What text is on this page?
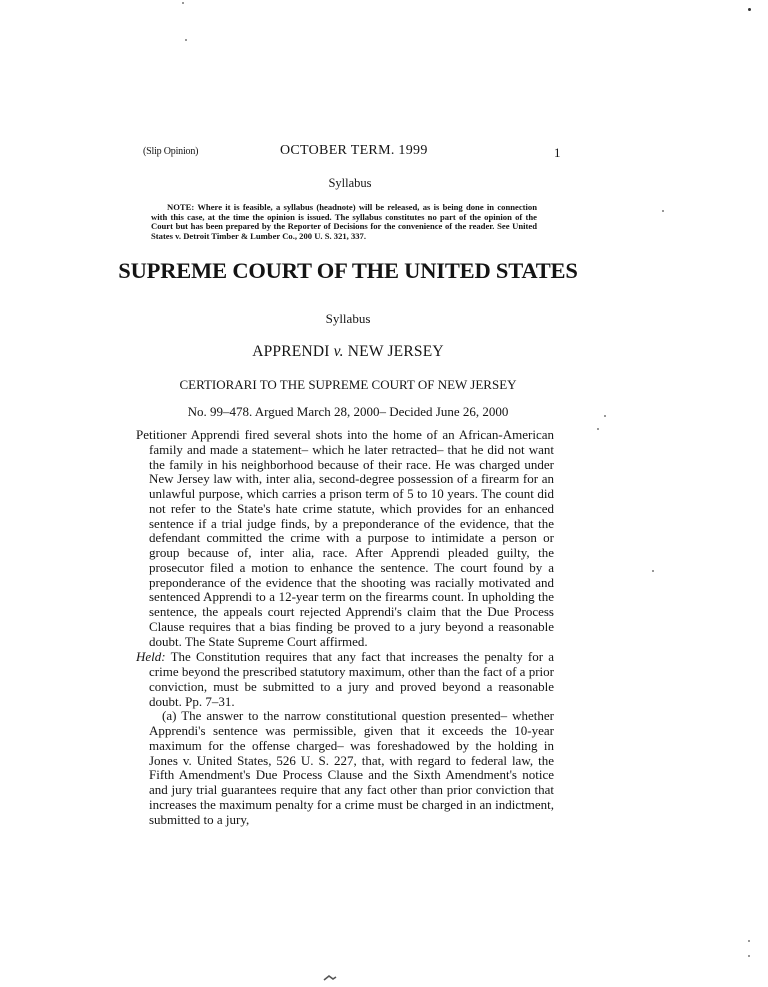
(Slip Opinion)	OCTOBER TERM. 1999	1
Syllabus
NOTE: Where it is feasible, a syllabus (headnote) will be released, as is being done in connection with this case, at the time the opinion is issued. The syllabus constitutes no part of the opinion of the Court but has been prepared by the Reporter of Decisions for the convenience of the reader. See United States v. Detroit Timber & Lumber Co., 200 U. S. 321, 337.
SUPREME COURT OF THE UNITED STATES
Syllabus
APPRENDI v. NEW JERSEY
CERTIORARI TO THE SUPREME COURT OF NEW JERSEY
No. 99–478. Argued March 28, 2000– Decided June 26, 2000

Petitioner Apprendi fired several shots into the home of an African-American family and made a statement– which he later retracted– that he did not want the family in his neighborhood because of their race. He was charged under New Jersey law with, inter alia, second-degree possession of a firearm for an unlawful purpose, which carries a prison term of 5 to 10 years. The count did not refer to the State's hate crime statute, which provides for an enhanced sentence if a trial judge finds, by a preponderance of the evidence, that the defendant committed the crime with a purpose to intimidate a person or group because of, inter alia, race. After Apprendi pleaded guilty, the prosecutor filed a motion to enhance the sentence. The court found by a preponderance of the evidence that the shooting was racially motivated and sentenced Apprendi to a 12-year term on the firearms count. In upholding the sentence, the appeals court rejected Apprendi's claim that the Due Process Clause requires that a bias finding be proved to a jury beyond a reasonable doubt. The State Supreme Court affirmed.

Held: The Constitution requires that any fact that increases the penalty for a crime beyond the prescribed statutory maximum, other than the fact of a prior conviction, must be submitted to a jury and proved beyond a reasonable doubt. Pp. 7–31.

(a) The answer to the narrow constitutional question presented– whether Apprendi's sentence was permissible, given that it exceeds the 10-year maximum for the offense charged– was foreshadowed by the holding in Jones v. United States, 526 U. S. 227, that, with regard to federal law, the Fifth Amendment's Due Process Clause and the Sixth Amendment's notice and jury trial guarantees require that any fact other than prior conviction that increases the maximum penalty for a crime must be charged in an indictment, submitted to a jury,
